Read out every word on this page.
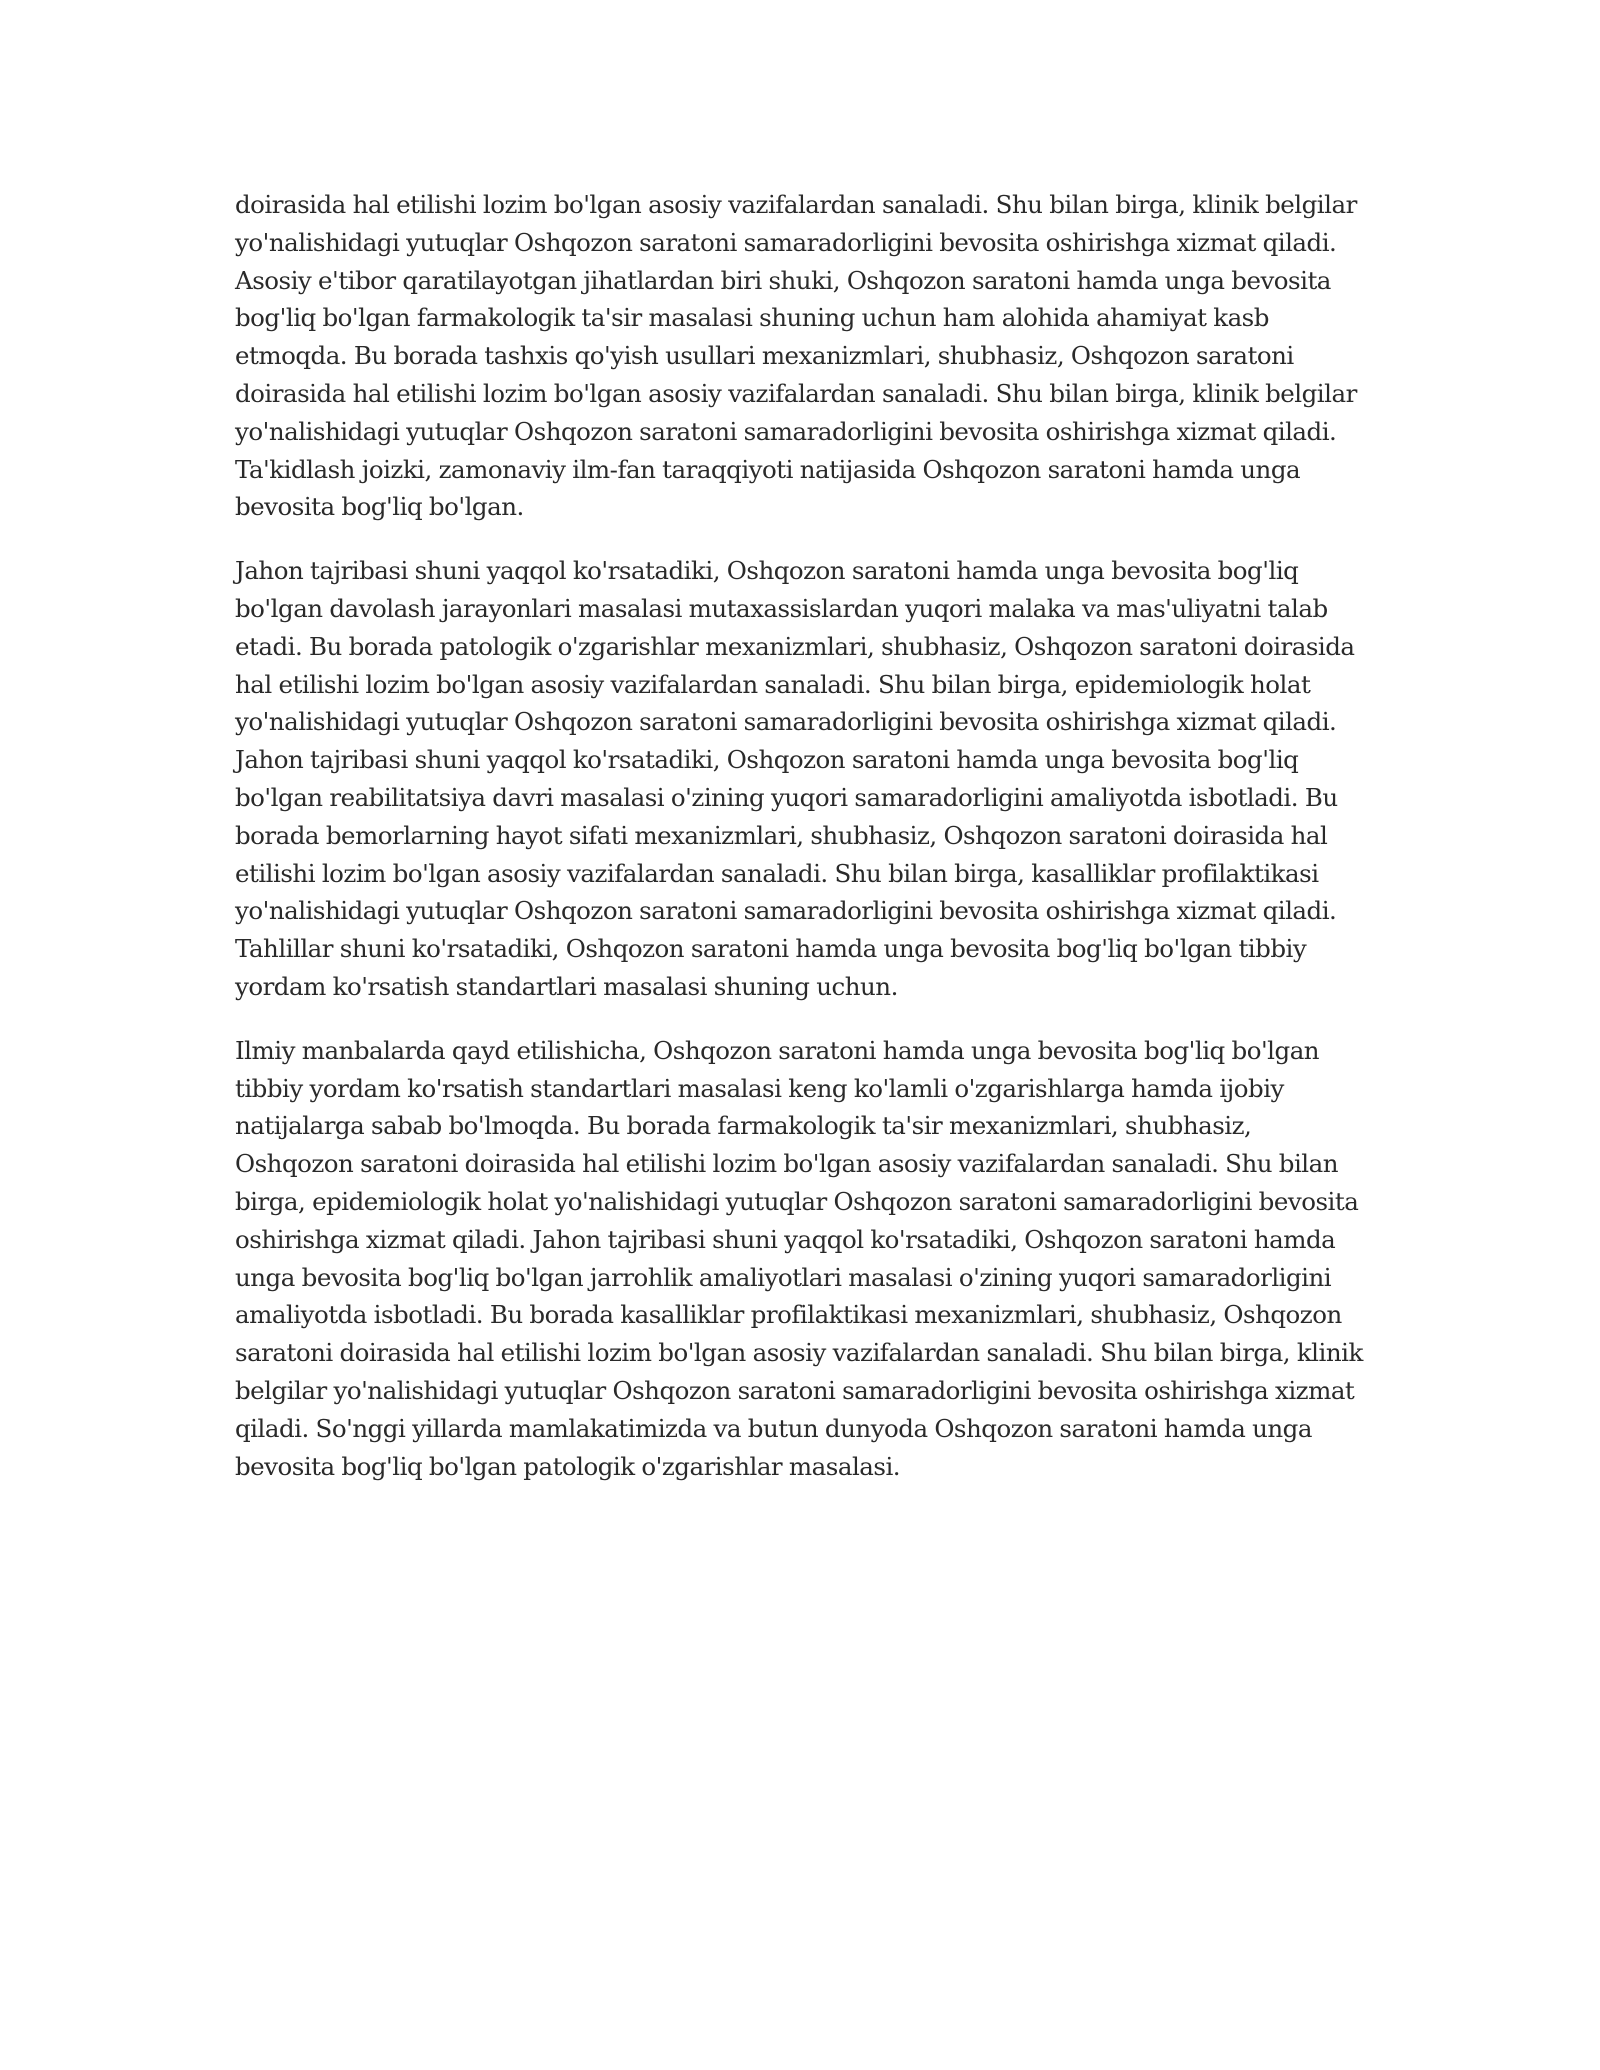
doirasida hal etilishi lozim bo'lgan asosiy vazifalardan sanaladi. Shu bilan birga, klinik belgilar yo'nalishidagi yutuqlar Oshqozon saratoni samaradorligini bevosita oshirishga xizmat qiladi. Asosiy e'tibor qaratilayotgan jihatlardan biri shuki, Oshqozon saratoni hamda unga bevosita bog'liq bo'lgan farmakologik ta'sir masalasi shuning uchun ham alohida ahamiyat kasb etmoqda. Bu borada tashxis qo'yish usullari mexanizmlari, shubhasiz, Oshqozon saratoni doirasida hal etilishi lozim bo'lgan asosiy vazifalardan sanaladi. Shu bilan birga, klinik belgilar yo'nalishidagi yutuqlar Oshqozon saratoni samaradorligini bevosita oshirishga xizmat qiladi. Ta'kidlash joizki, zamonaviy ilm-fan taraqqiyoti natijasida Oshqozon saratoni hamda unga bevosita bog'liq bo'lgan.

Jahon tajribasi shuni yaqqol ko'rsatadiki, Oshqozon saratoni hamda unga bevosita bog'liq bo'lgan davolash jarayonlari masalasi mutaxassislardan yuqori malaka va mas'uliyatni talab etadi. Bu borada patologik o'zgarishlar mexanizmlari, shubhasiz, Oshqozon saratoni doirasida hal etilishi lozim bo'lgan asosiy vazifalardan sanaladi. Shu bilan birga, epidemiologik holat yo'nalishidagi yutuqlar Oshqozon saratoni samaradorligini bevosita oshirishga xizmat qiladi. Jahon tajribasi shuni yaqqol ko'rsatadiki, Oshqozon saratoni hamda unga bevosita bog'liq bo'lgan reabilitatsiya davri masalasi o'zining yuqori samaradorligini amaliyotda isbotladi. Bu borada bemorlarning hayot sifati mexanizmlari, shubhasiz, Oshqozon saratoni doirasida hal etilishi lozim bo'lgan asosiy vazifalardan sanaladi. Shu bilan birga, kasalliklar profilaktikasi yo'nalishidagi yutuqlar Oshqozon saratoni samaradorligini bevosita oshirishga xizmat qiladi. Tahlillar shuni ko'rsatadiki, Oshqozon saratoni hamda unga bevosita bog'liq bo'lgan tibbiy yordam ko'rsatish standartlari masalasi shuning uchun.

Ilmiy manbalarda qayd etilishicha, Oshqozon saratoni hamda unga bevosita bog'liq bo'lgan tibbiy yordam ko'rsatish standartlari masalasi keng ko'lamli o'zgarishlarga hamda ijobiy natijalarga sabab bo'lmoqda. Bu borada farmakologik ta'sir mexanizmlari, shubhasiz, Oshqozon saratoni doirasida hal etilishi lozim bo'lgan asosiy vazifalardan sanaladi. Shu bilan birga, epidemiologik holat yo'nalishidagi yutuqlar Oshqozon saratoni samaradorligini bevosita oshirishga xizmat qiladi. Jahon tajribasi shuni yaqqol ko'rsatadiki, Oshqozon saratoni hamda unga bevosita bog'liq bo'lgan jarrohlik amaliyotlari masalasi o'zining yuqori samaradorligini amaliyotda isbotladi. Bu borada kasalliklar profilaktikasi mexanizmlari, shubhasiz, Oshqozon saratoni doirasida hal etilishi lozim bo'lgan asosiy vazifalardan sanaladi. Shu bilan birga, klinik belgilar yo'nalishidagi yutuqlar Oshqozon saratoni samaradorligini bevosita oshirishga xizmat qiladi. So'nggi yillarda mamlakatimizda va butun dunyoda Oshqozon saratoni hamda unga bevosita bog'liq bo'lgan patologik o'zgarishlar masalasi.
